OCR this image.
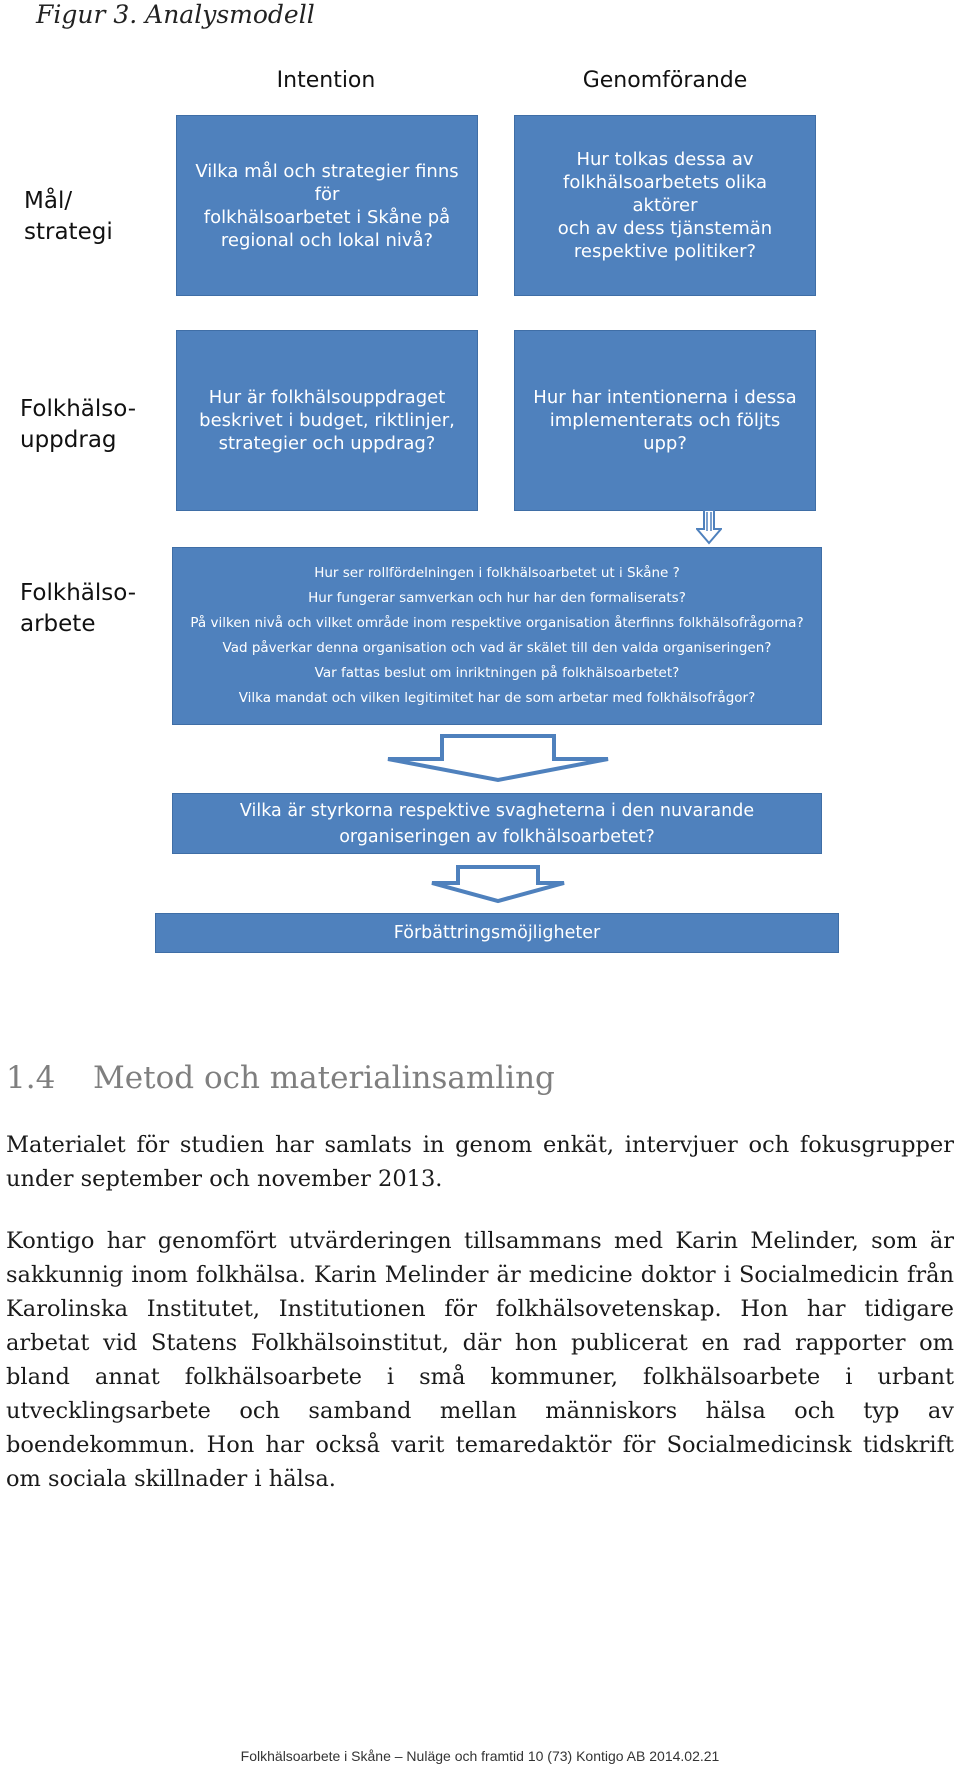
Figur 3. Analysmodell
Intention	Genomförande
Mål/
strategi
Vilka mål och strategier finns för
folkhälsoarbetet i Skåne på
regional och lokal nivå?
Hur tolkas dessa av
folkhälsoarbetets olika aktörer
och av dess tjänstemän
respektive politiker?
Folkhälso-
uppdrag
Hur är folkhälsouppdraget
beskrivet i budget, riktlinjer,
strategier och uppdrag?
Hur har intentionerna i dessa
implementerats och följts upp?
Folkhälso-
arbete
Hur ser rollfördelningen i folkhälsoarbetet ut i Skåne ?
Hur fungerar samverkan och hur har den formaliserats?
På vilken nivå och vilket område inom respektive organisation återfinns folkhälsofrågorna?
Vad påverkar denna organisation och vad är skälet till den valda organiseringen?
Var fattas beslut om inriktningen på folkhälsoarbetet?
Vilka mandat och vilken legitimitet har de som arbetar med folkhälsofrågor?
Vilka är styrkorna respektive svagheterna i den nuvarande
organiseringen av folkhälsoarbetet?
Förbättringsmöjligheter
1.4 Metod och materialinsamling
Materialet för studien har samlats in genom enkät, intervjuer och fokusgrupper under september och november 2013.
Kontigo har genomfört utvärderingen tillsammans med Karin Melinder, som är sakkunnig inom folkhälsa. Karin Melinder är medicine doktor i Socialmedicin från Karolinska Institutet, Institutionen för folkhälsovetenskap. Hon har tidigare arbetat vid Statens Folkhälsoinstitut, där hon publicerat en rad rapporter om bland annat folkhälsoarbete i små kommuner, folkhälsoarbete i urbant utvecklingsarbete och samband mellan människors hälsa och typ av boendekommun. Hon har också varit temaredaktör för Socialmedicinsk tidskrift om sociala skillnader i hälsa.
Folkhälsoarbete i Skåne – Nuläge och framtid 10 (73) Kontigo AB 2014.02.21
